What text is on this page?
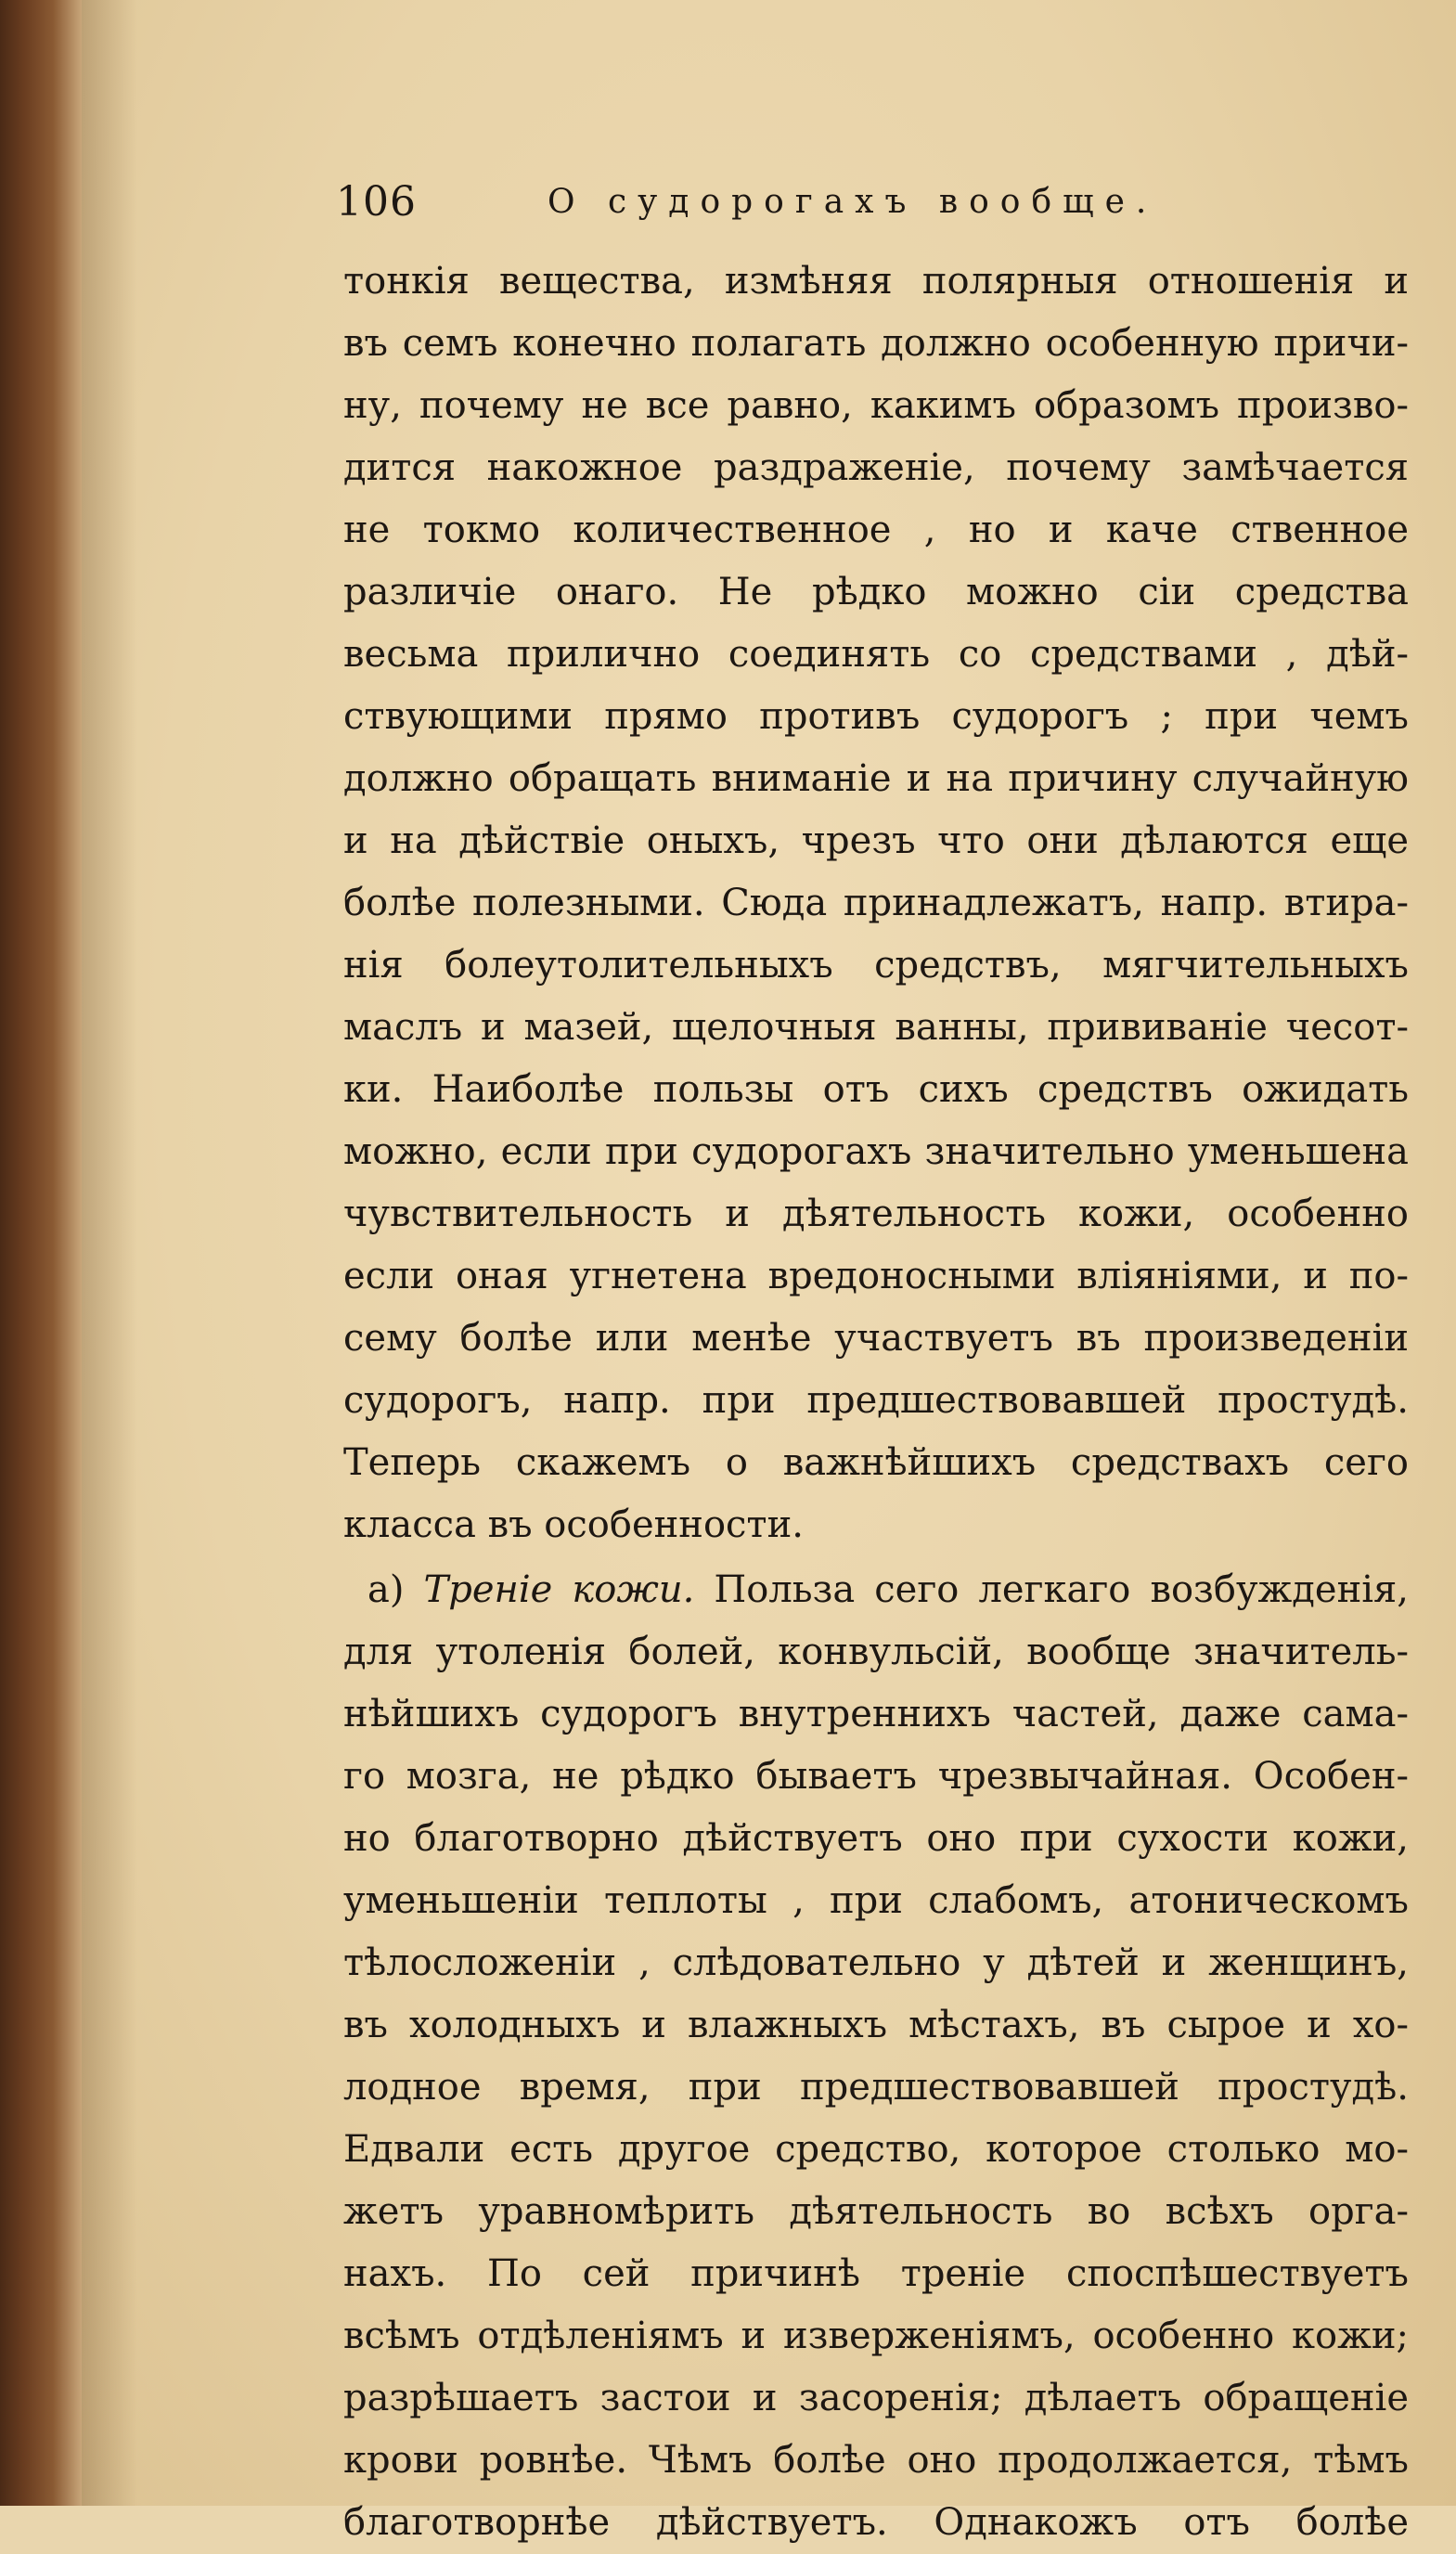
106	О судорогахъ вообще.
тонкія вещества, измѣняя полярныя отношенія и
въ семъ конечно полагать должно особенную причи-
ну, почему не все равно, какимъ образомъ произво-
дится накожное раздраженіе, почему замѣчается
не токмо количественное , но и каче ственное
различіе онаго. Не рѣдко можно сіи средства
весьма прилично соединять со средствами , дѣй-
ствующими прямо противъ судорогъ ; при чемъ
должно обращать вниманіе и на причину случайную
и на дѣйствіе оныхъ, чрезъ что они дѣлаются еще
болѣе полезными. Сюда принадлежатъ, напр. втира-
нія болеутолительныхъ средствъ, мягчительныхъ
маслъ и мазей, щелочныя ванны, прививаніе чесот-
ки. Наиболѣе пользы отъ сихъ средствъ ожидать
можно, если при судорогахъ значительно уменьшена
чувствительность и дѣятельность кожи, особенно
если оная угнетена вредоносными вліяніями, и по-
сему болѣе или менѣе участвуетъ въ произведеніи
судорогъ, напр. при предшествовавшей простудѣ.
Теперь скажемъ о важнѣйшихъ средствахъ сего
класса въ особенности.
а) Треніе кожи. Польза сего легкаго возбужденія,
для утоленія болей, конвульсій, вообще значитель-
нѣйшихъ судорогъ внутреннихъ частей, даже сама-
го мозга, не рѣдко бываетъ чрезвычайная. Особен-
но благотворно дѣйствуетъ оно при сухости кожи,
уменьшеніи теплоты , при слабомъ, атоническомъ
тѣлосложеніи , слѣдовательно у дѣтей и женщинъ,
въ холодныхъ и влажныхъ мѣстахъ, въ сырое и хо-
лодное время, при предшествовавшей простудѣ.
Едвали есть другое средство, которое столько мо-
жетъ уравномѣрить дѣятельность во всѣхъ орга-
нахъ. По сей причинѣ треніе споспѣшествуетъ
всѣмъ отдѣленіямъ и изверженіямъ, особенно кожи;
разрѣшаетъ застои и засоренія; дѣлаетъ обращеніе
крови ровнѣе. Чѣмъ болѣе оно продолжается, тѣмъ
благотворнѣе дѣйствуетъ. Однакожъ отъ болѣе
